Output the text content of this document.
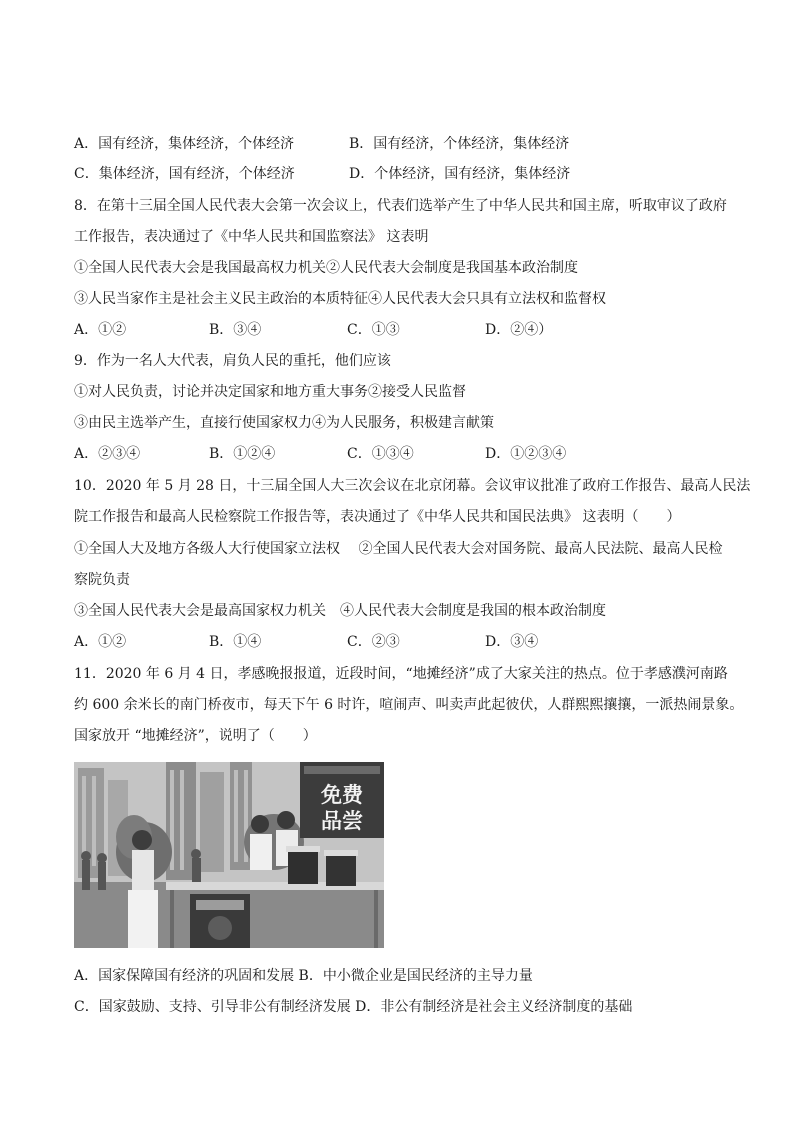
A．国有经济，集体经济，个体经济	B．国有经济，个体经济，集体经济
C．集体经济，国有经济，个体经济	D．个体经济，国有经济，集体经济
8．在第十三届全国人民代表大会第一次会议上，代表们选举产生了中华人民共和国主席，听取审议了政府
工作报告，表决通过了《中华人民共和国监察法》 这表明
①全国人民代表大会是我国最高权力机关②人民代表大会制度是我国基本政治制度
③人民当家作主是社会主义民主政治的本质特征④人民代表大会只具有立法权和监督权
A．①②	B．③④	C．①③	D．②④）
9．作为一名人大代表，肩负人民的重托，他们应该
①对人民负责，讨论并决定国家和地方重大事务②接受人民监督
③由民主选举产生，直接行使国家权力④为人民服务，积极建言献策
A．②③④	B．①②④	C．①③④	D．①②③④
10．2020 年 5 月 28 日，十三届全国人大三次会议在北京闭幕。会议审议批准了政府工作报告、最高人民法
院工作报告和最高人民检察院工作报告等，表决通过了《中华人民共和国民法典》 这表明（　　）
①全国人大及地方各级人大行使国家立法权　 ②全国人民代表大会对国务院、最高人民法院、最高人民检
察院负责
③全国人民代表大会是最高国家权力机关　④人民代表大会制度是我国的根本政治制度
A．①②	B．①④	C．②③	D．③④
11．2020 年 6 月 4 日，孝感晚报报道，近段时间，“地摊经济”成了大家关注的热点。位于孝感濮河南路
约 600 余米长的南门桥夜市，每天下午 6 时许，喧闹声、叫卖声此起彼伏，人群熙熙攘攘，一派热闹景象。
国家放开 “地摊经济”，说明了（　　）
免费
品尝
A．国家保障国有经济的巩固和发展 B．中小微企业是国民经济的主导力量
C．国家鼓励、支持、引导非公有制经济发展 D．非公有制经济是社会主义经济制度的基础
